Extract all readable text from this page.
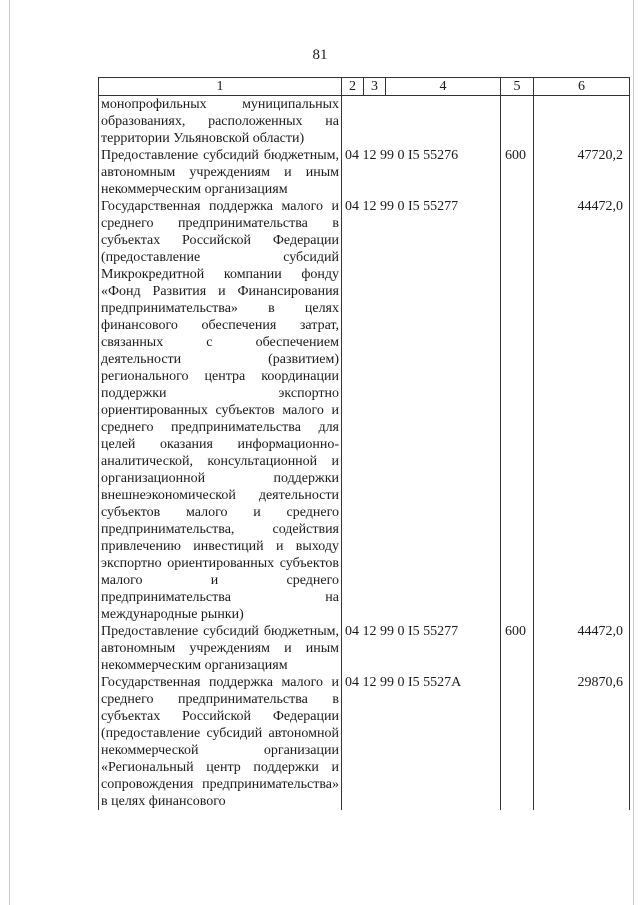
81
1	2	3	4	5	6
монопрофильных муниципальных образованиях, расположенных на территории Ульяновской области)					
Предоставление субсидий бюджетным, автономным учреждениям и иным некоммерческим организациям	04 12 99 0 I5 55276			600	47720,2
Государственная поддержка малого и среднего предпринимательства в субъектах Российской Федерации (предоставление субсидий Микрокредитной компании фонду «Фонд Развития и Финансирования предпринимательства» в целях финансового обеспечения затрат, связанных с обеспечением деятельности (развитием) регионального центра координации поддержки экспортно ориентированных субъектов малого и среднего предпринимательства для целей оказания информационно-аналитической, консультационной и организационной поддержки внешнеэкономической деятельности субъектов малого и среднего предпринимательства, содействия привлечению инвестиций и выходу экспортно ориентированных субъектов малого и среднего предпринимательства на международные рынки)	04 12 99 0 I5 55277				44472,0
Предоставление субсидий бюджетным, автономным учреждениям и иным некоммерческим организациям	04 12 99 0 I5 55277			600	44472,0
Государственная поддержка малого и среднего предпринимательства в субъектах Российской Федерации (предоставление субсидий автономной некоммерческой организации «Региональный центр поддержки и сопровождения предпринимательства» в целях финансового	04 12 99 0 I5 5527A				29870,6
